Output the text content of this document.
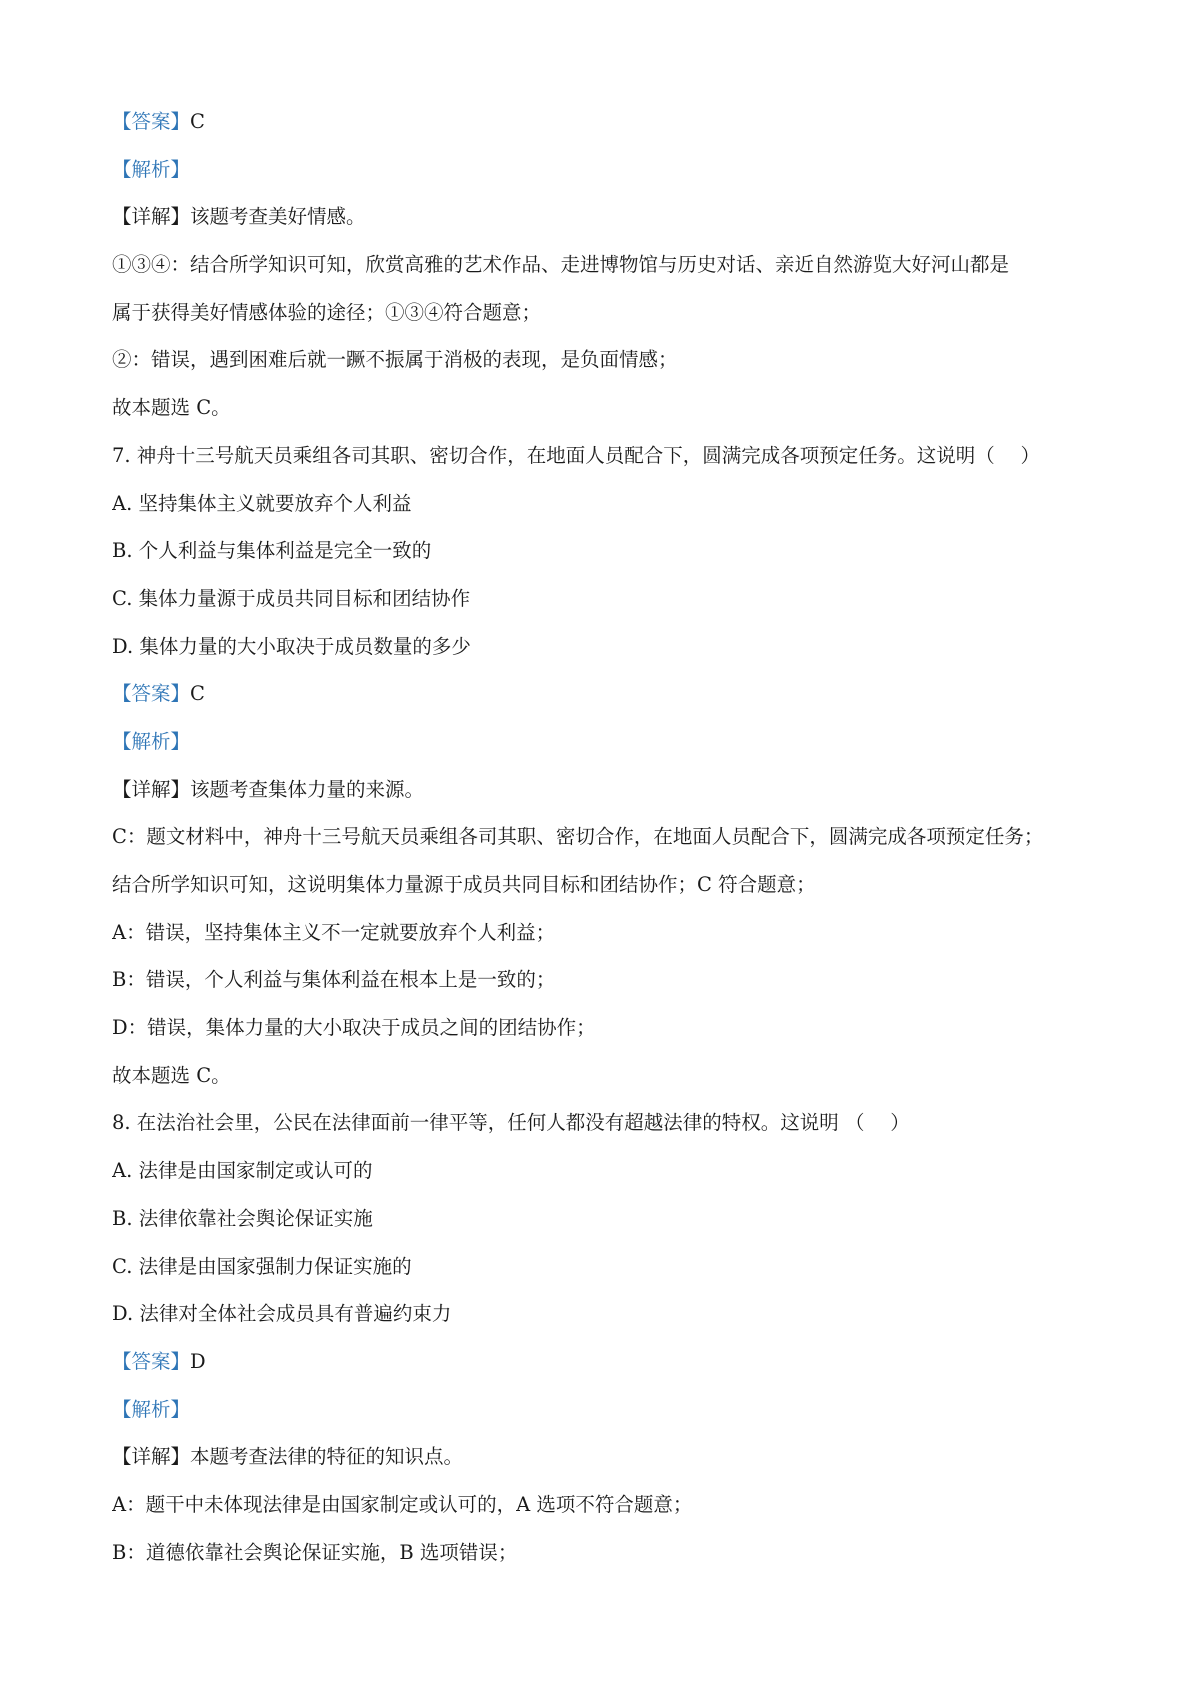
【答案】C
【解析】
【详解】该题考查美好情感。
①③④：结合所学知识可知，欣赏高雅的艺术作品、走进博物馆与历史对话、亲近自然游览大好河山都是
属于获得美好情感体验的途径；①③④符合题意；
②：错误，遇到困难后就一蹶不振属于消极的表现，是负面情感；
故本题选 C。
7. 神舟十三号航天员乘组各司其职、密切合作，在地面人员配合下，圆满完成各项预定任务。这说明（　 ）
A. 坚持集体主义就要放弃个人利益
B. 个人利益与集体利益是完全一致的
C. 集体力量源于成员共同目标和团结协作
D. 集体力量的大小取决于成员数量的多少
【答案】C
【解析】
【详解】该题考查集体力量的来源。
C：题文材料中，神舟十三号航天员乘组各司其职、密切合作，在地面人员配合下，圆满完成各项预定任务；
结合所学知识可知，这说明集体力量源于成员共同目标和团结协作；C 符合题意；
A：错误，坚持集体主义不一定就要放弃个人利益；
B：错误，个人利益与集体利益在根本上是一致的；
D：错误，集体力量的大小取决于成员之间的团结协作；
故本题选 C。
8. 在法治社会里，公民在法律面前一律平等，任何人都没有超越法律的特权。这说明 （　 ）
A. 法律是由国家制定或认可的
B. 法律依靠社会舆论保证实施
C. 法律是由国家强制力保证实施的
D. 法律对全体社会成员具有普遍约束力
【答案】D
【解析】
【详解】本题考查法律的特征的知识点。
A：题干中未体现法律是由国家制定或认可的，A 选项不符合题意；
B：道德依靠社会舆论保证实施，B 选项错误；
